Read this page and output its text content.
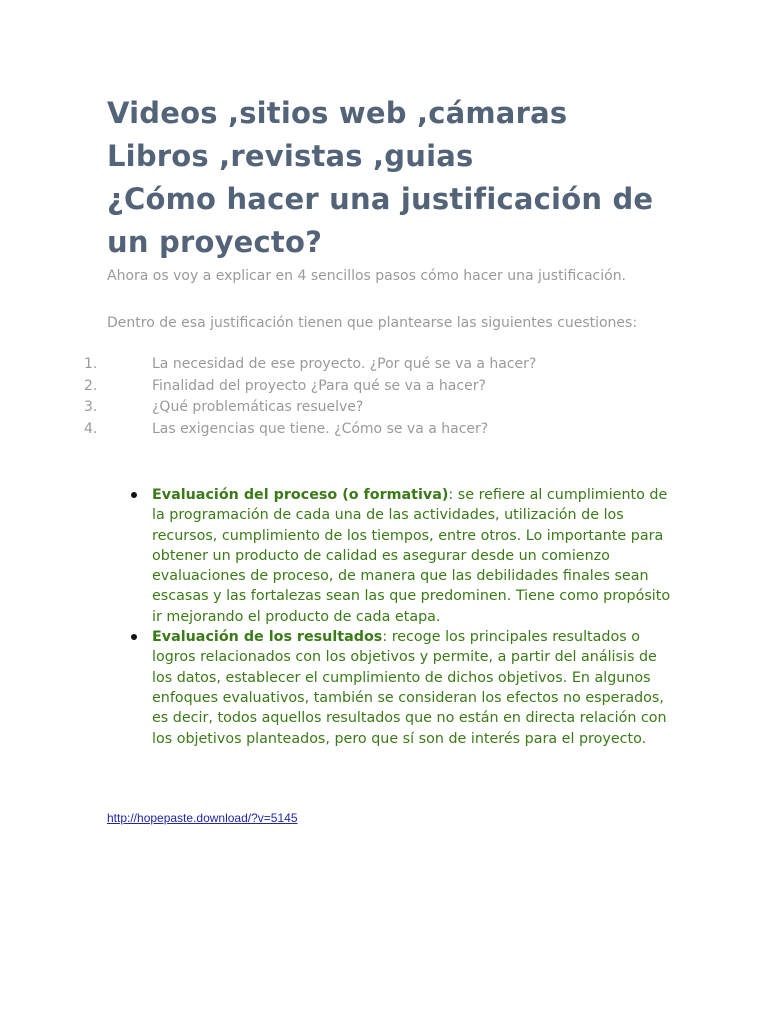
Videos ,sitios web ,cámaras
Libros ,revistas ,guias
¿Cómo hacer una justificación de
un proyecto?

Ahora os voy a explicar en 4 sencillos pasos cómo hacer una justificación.

Dentro de esa justificación tienen que plantearse las siguientes cuestiones:

1.	La necesidad de ese proyecto. ¿Por qué se va a hacer?
2.	Finalidad del proyecto ¿Para qué se va a hacer?
3.	¿Qué problemáticas resuelve?
4.	Las exigencias que tiene. ¿Cómo se va a hacer?
Evaluación del proceso (o formativa): se refiere al cumplimiento de la programación de cada una de las actividades, utilización de los recursos, cumplimiento de los tiempos, entre otros. Lo importante para obtener un producto de calidad es asegurar desde un comienzo evaluaciones de proceso, de manera que las debilidades finales sean escasas y las fortalezas sean las que predominen. Tiene como propósito ir mejorando el producto de cada etapa.
Evaluación de los resultados: recoge los principales resultados o logros relacionados con los objetivos y permite, a partir del análisis de los datos, establecer el cumplimiento de dichos objetivos. En algunos enfoques evaluativos, también se consideran los efectos no esperados, es decir, todos aquellos resultados que no están en directa relación con los objetivos planteados, pero que sí son de interés para el proyecto.
http://hopepaste.download/?v=5145
